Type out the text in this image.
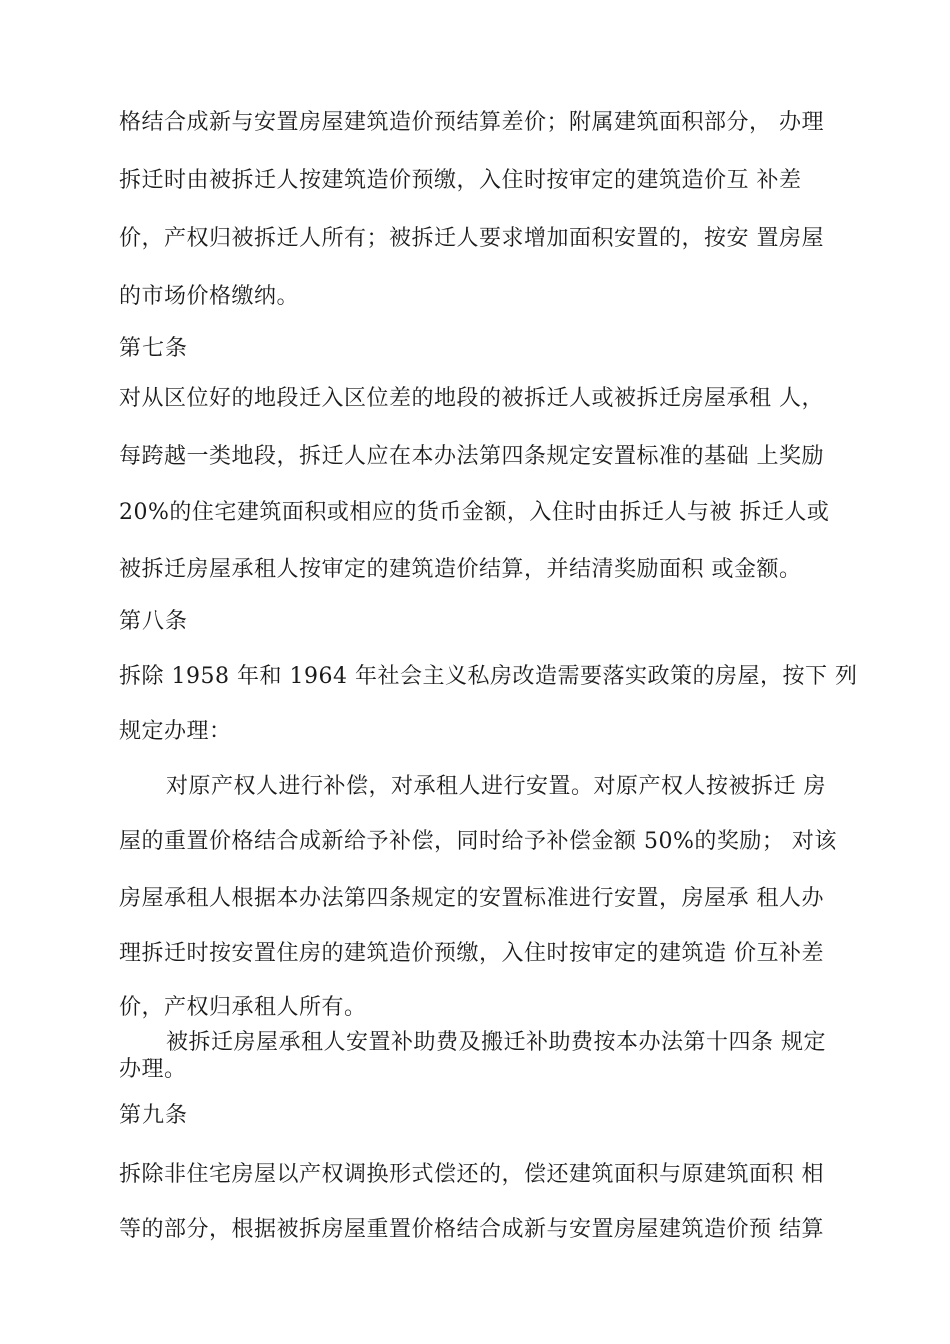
格结合成新与安置房屋建筑造价预结算差价；附属建筑面积部分， 办理
拆迁时由被拆迁人按建筑造价预缴，入住时按审定的建筑造价互 补差
价，产权归被拆迁人所有；被拆迁人要求增加面积安置的，按安 置房屋
的市场价格缴纳。
第七条
对从区位好的地段迁入区位差的地段的被拆迁人或被拆迁房屋承租 人，
每跨越一类地段，拆迁人应在本办法第四条规定安置标准的基础 上奖励
20%的住宅建筑面积或相应的货币金额，入住时由拆迁人与被 拆迁人或
被拆迁房屋承租人按审定的建筑造价结算，并结清奖励面积 或金额。
第八条
拆除 1958 年和 1964 年社会主义私房改造需要落实政策的房屋，按下 列
规定办理：
对原产权人进行补偿，对承租人进行安置。对原产权人按被拆迁 房
屋的重置价格结合成新给予补偿，同时给予补偿金额 50%的奖励； 对该
房屋承租人根据本办法第四条规定的安置标准进行安置，房屋承 租人办
理拆迁时按安置住房的建筑造价预缴，入住时按审定的建筑造 价互补差
价，产权归承租人所有。
被拆迁房屋承租人安置补助费及搬迁补助费按本办法第十四条 规定
办理。
第九条
拆除非住宅房屋以产权调换形式偿还的，偿还建筑面积与原建筑面积 相
等的部分，根据被拆房屋重置价格结合成新与安置房屋建筑造价预 结算
